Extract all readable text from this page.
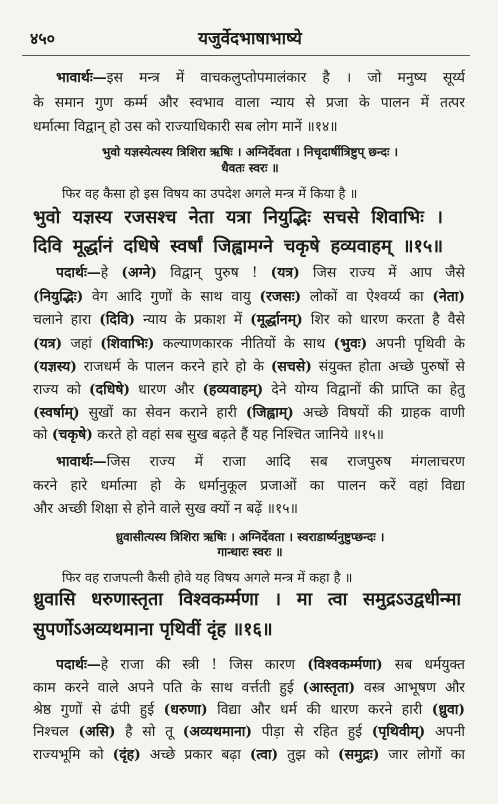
४५०	यजुर्वेदभाषाभाष्ये
भावार्थः—इस मन्त्र में वाचकलुप्तोपमालंकार है । जो मनुष्य सूर्य्य
के समान गुण कर्म्म और स्वभाव वाला न्याय से प्रजा के पालन में तत्पर
धर्मात्मा विद्वान् हो उस को राज्याधिकारी सब लोग मानें ॥१४॥
भुवो यज्ञस्येत्यस्य त्रिशिरा ऋषिः । अग्निर्देवता । निचृदार्षीत्रिष्टुप् छन्दः ।
धैवतः स्वरः ॥
फिर वह कैसा हो इस विषय का उपदेश अगले मन्त्र में किया है ॥
भुवो यज्ञस्य रजसश्च नेता यत्रा नियुद्भिः सचसे शिवाभिः ।
दिवि मूर्द्धानं दधिषे स्वर्षां जिह्वामग्ने चकृषे हव्यवाहम् ॥१५॥
पदार्थः—हे (अग्ने) विद्वान् पुरुष ! (यत्र) जिस राज्य में आप जैसे
(नियुद्भिः) वेग आदि गुणों के साथ वायु (रजसः) लोकों वा ऐश्वर्य्य का (नेता)
चलाने हारा (दिवि) न्याय के प्रकाश में (मूर्द्धानम्) शिर को धारण करता है वैसे
(यत्र) जहां (शिवाभिः) कल्याणकारक नीतियों के साथ (भुवः) अपनी पृथिवी के
(यज्ञस्य) राजधर्म के पालन करने हारे हो के (सचसे) संयुक्त होता अच्छे पुरुषों से
राज्य को (दधिषे) धारण और (हव्यवाहम्) देने योग्य विद्वानों की प्राप्ति का हेतु
(स्वर्षाम्) सुखों का सेवन कराने हारी (जिह्वाम्) अच्छे विषयों की ग्राहक वाणी
को (चकृषे) करते हो वहां सब सुख बढ़ते हैं यह निश्चित जानिये ॥१५॥
भावार्थः—जिस राज्य में राजा आदि सब राजपुरुष मंगलाचरण
करने हारे धर्मात्मा हो के धर्मानुकूल प्रजाओं का पालन करें वहां विद्या
और अच्छी शिक्षा से होने वाले सुख क्यों न बढ़ें ॥१५॥
ध्रुवासीत्यस्य त्रिशिरा ऋषिः । अग्निर्देवता । स्वराडार्ष्यनुष्टुप्छन्दः ।
गान्धारः स्वरः ॥
फिर वह राजपत्नी कैसी होवे यह विषय अगले मन्त्र में कहा है ॥
ध्रुवासि धरुणास्तृता विश्वकर्म्मणा । मा त्वा समुद्रऽउद्वधीन्मा
सुपर्णोऽअव्यथमाना पृथिवीं दृंह ॥१६॥
पदार्थः—हे राजा की स्त्री ! जिस कारण (विश्वकर्म्मणा) सब धर्मयुक्त
काम करने वाले अपने पति के साथ वर्त्तती हुई (आस्तृता) वस्त्र आभूषण और
श्रेष्ठ गुणों से ढंपी हुई (धरुणा) विद्या और धर्म की धारण करने हारी (ध्रुवा)
निश्चल (असि) है सो तू (अव्यथमाना) पीड़ा से रहित हुई (पृथिवीम्) अपनी
राज्यभूमि को (दृंह) अच्छे प्रकार बढ़ा (त्वा) तुझ को (समुद्रः) जार लोगों का
